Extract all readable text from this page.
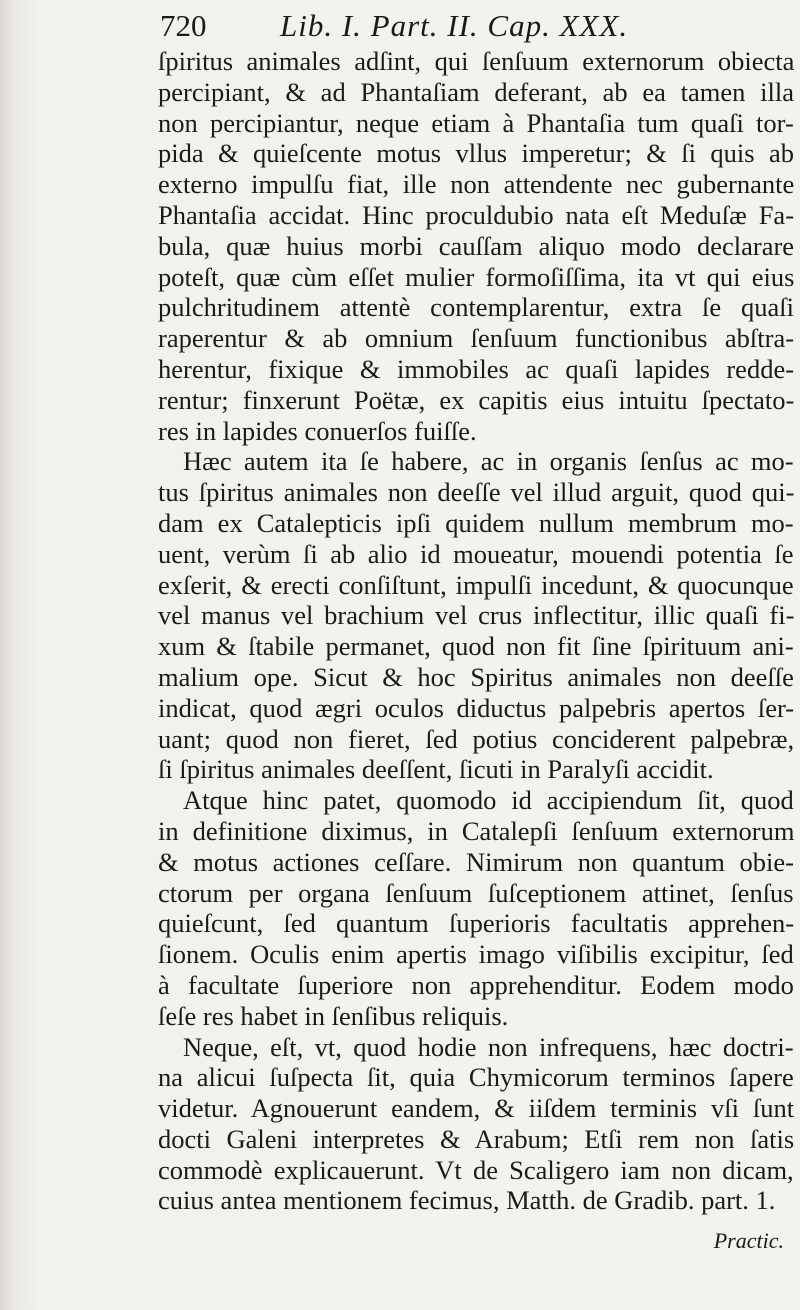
720 Lib. I. Part. II. Cap. XXX.
ſpiritus animales adſint, qui ſenſuum externorum obiecta
percipiant, & ad Phantaſiam deferant, ab ea tamen illa
non percipiantur, neque etiam à Phantaſia tum quaſi tor-
pida & quieſcente motus vllus imperetur; & ſi quis ab
externo impulſu fiat, ille non attendente nec gubernante
Phantaſia accidat. Hinc proculdubio nata eſt Meduſæ Fa-
bula, quæ huius morbi cauſſam aliquo modo declarare
poteſt, quæ cùm eſſet mulier formoſiſſima, ita vt qui eius
pulchritudinem attentè contemplarentur, extra ſe quaſi
raperentur & ab omnium ſenſuum functionibus abſtra-
herentur, fixique & immobiles ac quaſi lapides redde-
rentur; finxerunt Poëtæ, ex capitis eius intuitu ſpectato-
res in lapides conuerſos fuiſſe.
Hæc autem ita ſe habere, ac in organis ſenſus ac mo-
tus ſpiritus animales non deeſſe vel illud arguit, quod qui-
dam ex Catalepticis ipſi quidem nullum membrum mo-
uent, verùm ſi ab alio id moueatur, mouendi potentia ſe
exſerit, & erecti conſiſtunt, impulſi incedunt, & quocunque
vel manus vel brachium vel crus inflectitur, illic quaſi fi-
xum & ſtabile permanet, quod non fit ſine ſpirituum ani-
malium ope. Sicut & hoc Spiritus animales non deeſſe
indicat, quod ægri oculos diductus palpebris apertos ſer-
uant; quod non fieret, ſed potius conciderent palpebræ,
ſi ſpiritus animales deeſſent, ſicuti in Paralyſi accidit.
Atque hinc patet, quomodo id accipiendum ſit, quod
in definitione diximus, in Catalepſi ſenſuum externorum
& motus actiones ceſſare. Nimirum non quantum obie-
ctorum per organa ſenſuum ſuſceptionem attinet, ſenſus
quieſcunt, ſed quantum ſuperioris facultatis apprehen-
ſionem. Oculis enim apertis imago viſibilis excipitur, ſed
à facultate ſuperiore non apprehenditur. Eodem modo
ſeſe res habet in ſenſibus reliquis.
Neque, eſt, vt, quod hodie non infrequens, hæc doctri-
na alicui ſuſpecta ſit, quia Chymicorum terminos ſapere
videtur. Agnouerunt eandem, & iiſdem terminis vſi ſunt
docti Galeni interpretes & Arabum; Etſi rem non ſatis
commodè explicauerunt. Vt de Scaligero iam non dicam,
cuius antea mentionem fecimus, Matth. de Gradib. part. 1.
Practic.
